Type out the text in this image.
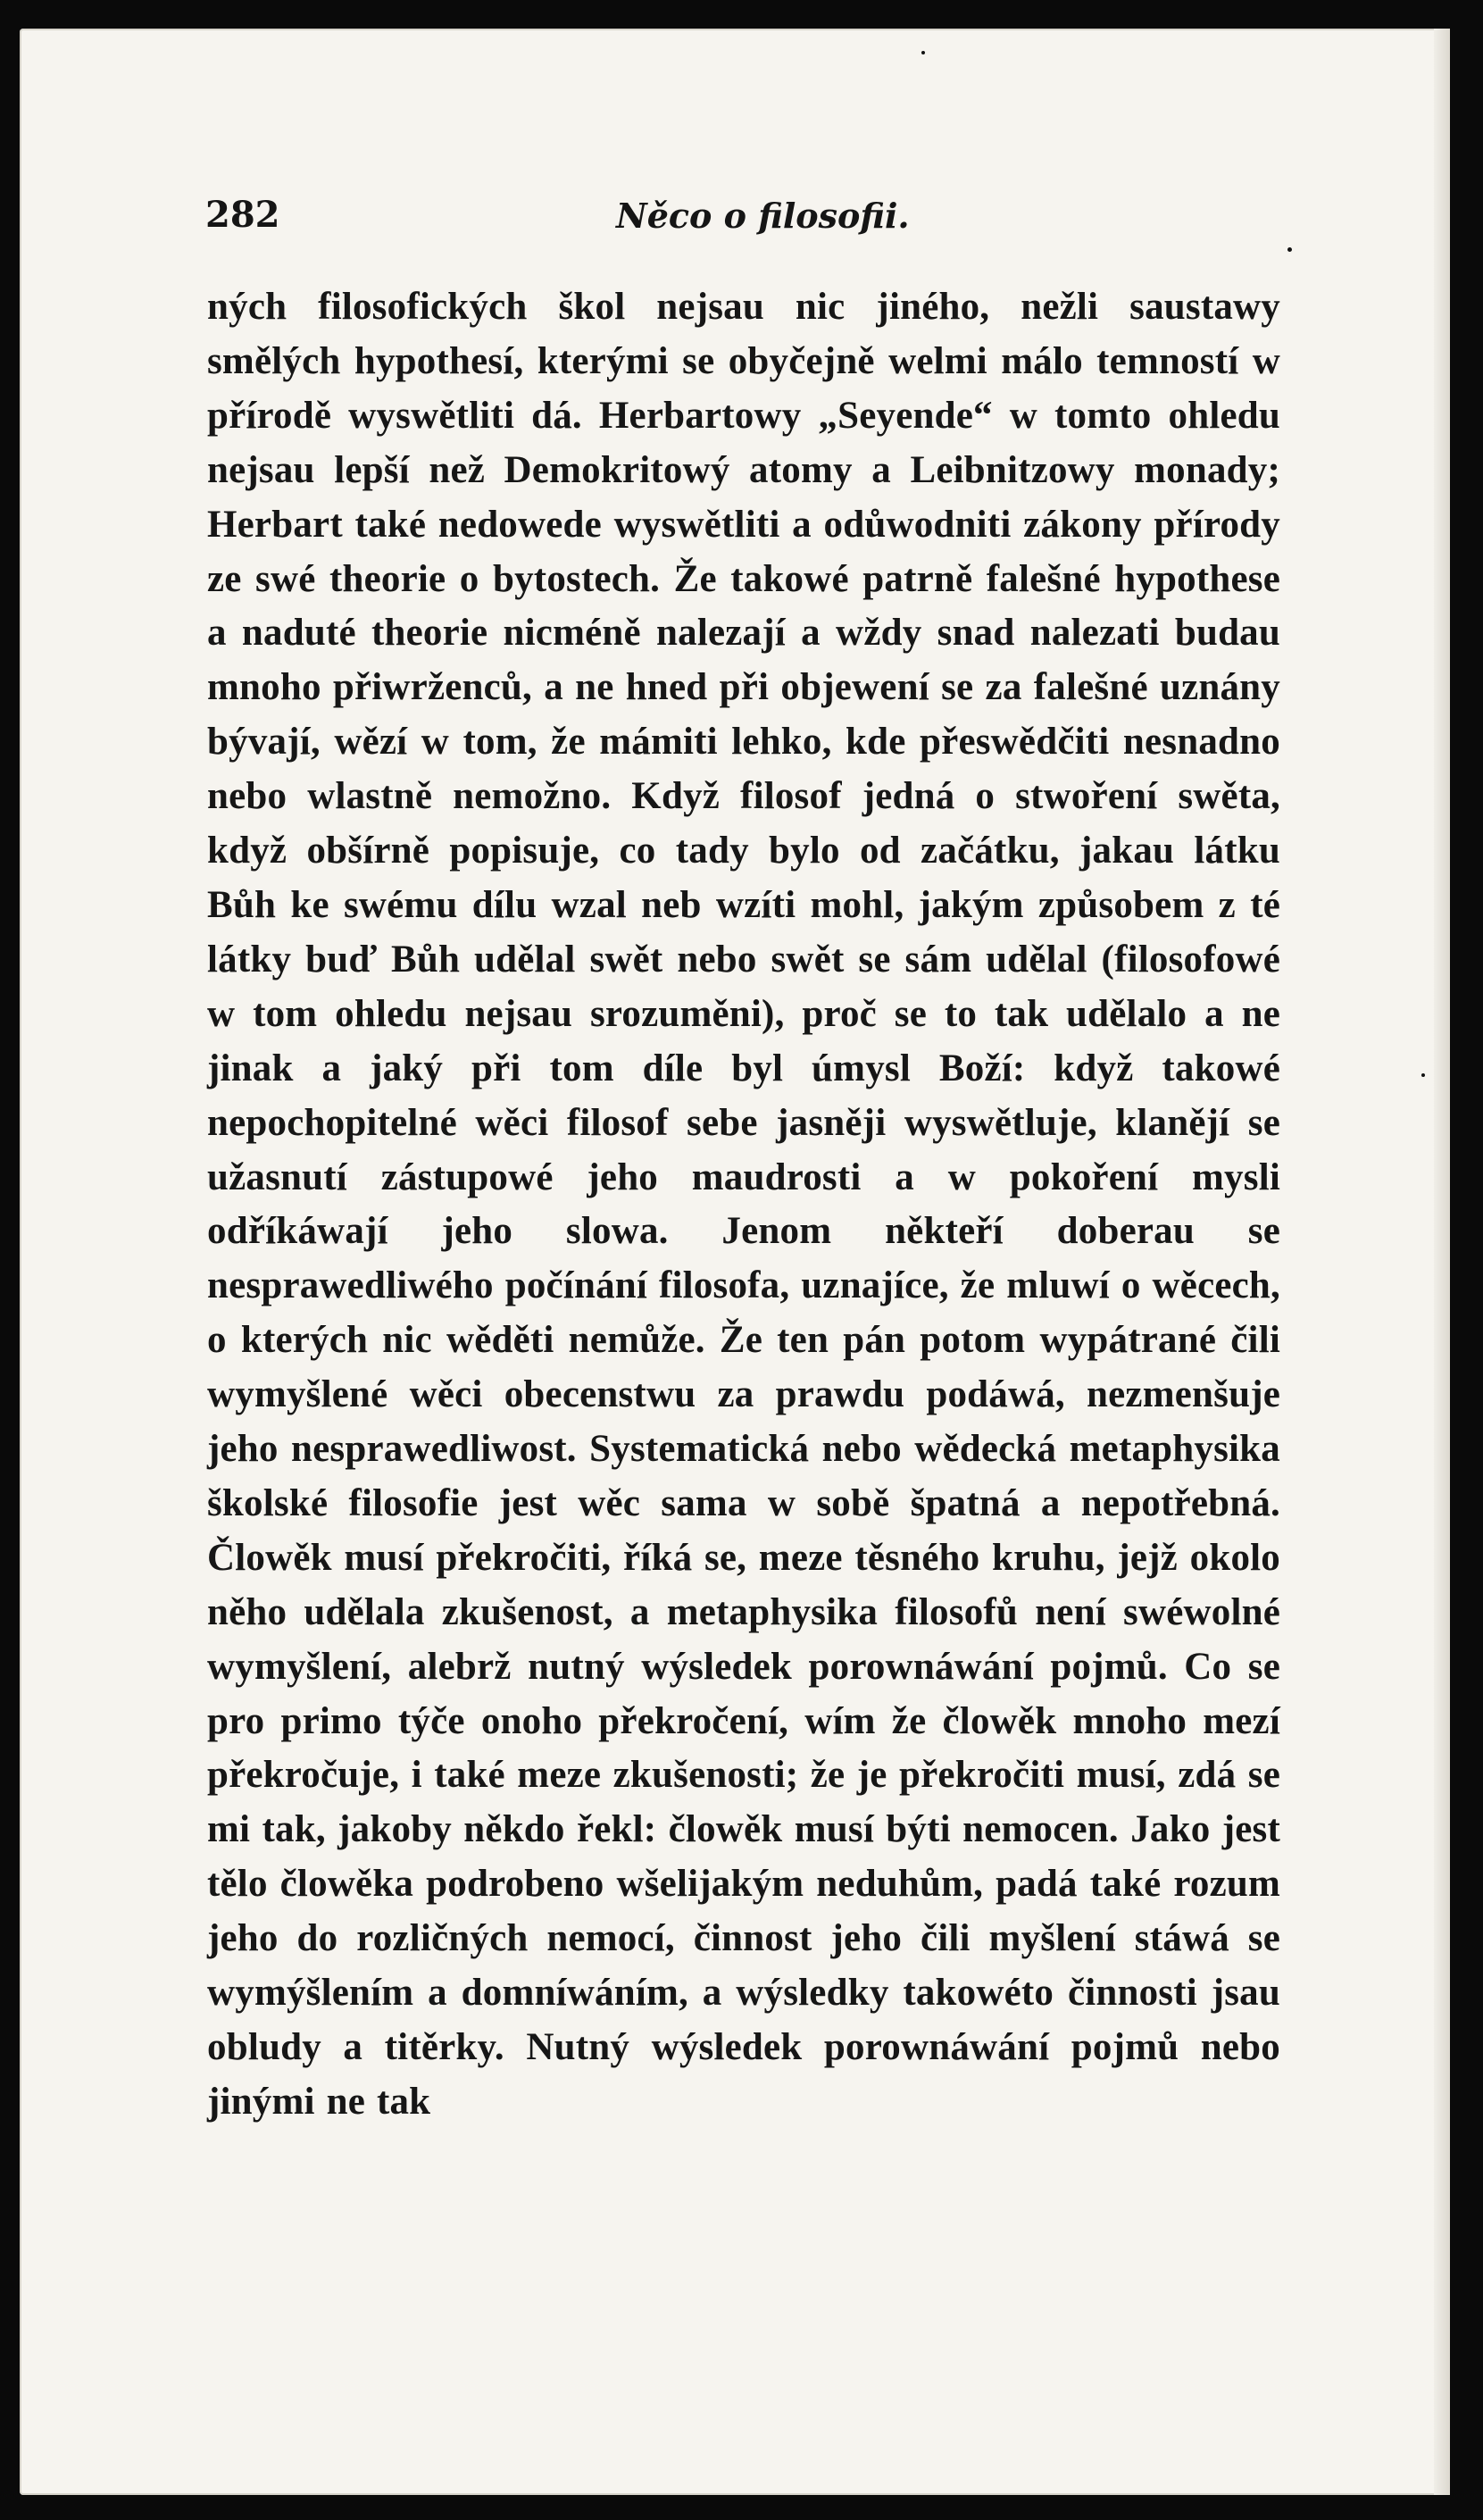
282	Něco o filosofii.

ných filosofických škol nejsau nic jiného, nežli saustawy smělých hypothesí, kterými se obyčejně welmi málo temností w přírodě wyswětliti dá. Herbartowy „Seyende“ w tomto ohledu nejsau lepší než Demokritowý atomy a Leibnitzowy monady; Herbart také nedowede wyswětliti a odůwodniti zákony přírody ze swé theorie o bytostech. Že takowé patrně falešné hypothese a naduté theorie nicméně nalezají a wždy snad nalezati budau mnoho přiwrženců, a ne hned při objewení se za falešné uznány bývají, wězí w tom, že mámiti lehko, kde přeswědčiti nesnadno nebo wlastně nemožno. Když filosof jedná o stwoření swěta, když obšírně popisuje, co tady bylo od začátku, jakau látku Bůh ke swému dílu wzal neb wzíti mohl, jakým způsobem z té látky buď Bůh udělal swět nebo swět se sám udělal (filosofowé w tom ohledu nejsau srozuměni), proč se to tak udělalo a ne jinak a jaký při tom díle byl úmysl Boží: když takowé nepochopitelné wěci filosof sebe jasněji wyswětluje, klanějí se užasnutí zástupowé jeho maudrosti a w pokoření mysli odříkáwají jeho slowa. Jenom někteří doberau se nesprawedliwého počínání filosofa, uznajíce, že mluwí o wěcech, o kterých nic wěděti nemůže. Že ten pán potom wypátrané čili wymyšlené wěci obecenstwu za prawdu podáwá, nezmenšuje jeho nesprawedliwost. Systematická nebo wědecká metaphysika školské filosofie jest wěc sama w sobě špatná a nepotřebná. Člowěk musí překročiti, říká se, meze těsného kruhu, jejž okolo něho udělala zkušenost, a metaphysika filosofů není swéwolné wymyšlení, alebrž nutný wýsledek porownáwání pojmů. Co se pro primo týče onoho překročení, wím že člowěk mnoho mezí překročuje, i také meze zkušenosti; že je překročiti musí, zdá se mi tak, jakoby někdo řekl: člowěk musí býti nemocen. Jako jest tělo člowěka podrobeno wšelijakým neduhům, padá také rozum jeho do rozličných nemocí, činnost jeho čili myšlení stáwá se wymýšlením a domníwáním, a wýsledky takowéto činnosti jsau obludy a titěrky. Nutný wýsledek porownáwání pojmů nebo jinými ne tak
